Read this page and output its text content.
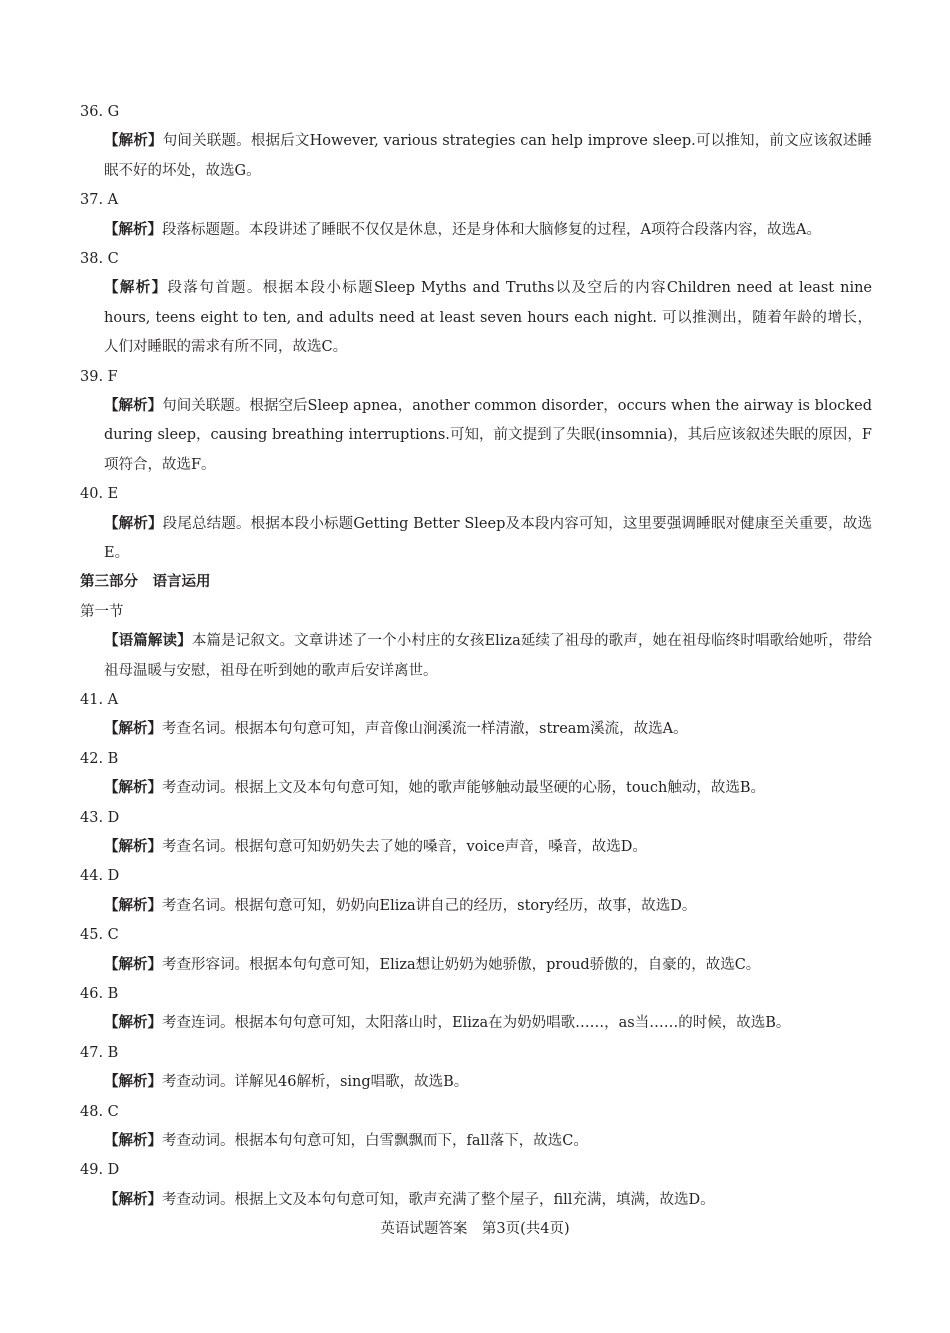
36. G
【解析】句间关联题。根据后文However, various strategies can help improve sleep.可以推知，前文应该叙述睡眠不好的坏处，故选G。
37. A
【解析】段落标题题。本段讲述了睡眠不仅仅是休息，还是身体和大脑修复的过程，A项符合段落内容，故选A。
38. C
【解析】段落句首题。根据本段小标题Sleep Myths and Truths以及空后的内容Children need at least nine hours, teens eight to ten, and adults need at least seven hours each night. 可以推测出，随着年龄的增长，人们对睡眠的需求有所不同，故选C。
39. F
【解析】句间关联题。根据空后Sleep apnea，another common disorder，occurs when the airway is blocked during sleep，causing breathing interruptions.可知，前文提到了失眠(insomnia)，其后应该叙述失眠的原因，F项符合，故选F。
40. E
【解析】段尾总结题。根据本段小标题Getting Better Sleep及本段内容可知，这里要强调睡眠对健康至关重要，故选E。
第三部分　语言运用
第一节
【语篇解读】本篇是记叙文。文章讲述了一个小村庄的女孩Eliza延续了祖母的歌声，她在祖母临终时唱歌给她听，带给祖母温暖与安慰，祖母在听到她的歌声后安详离世。
41. A
【解析】考查名词。根据本句句意可知，声音像山涧溪流一样清澈，stream溪流，故选A。
42. B
【解析】考查动词。根据上文及本句句意可知，她的歌声能够触动最坚硬的心肠，touch触动，故选B。
43. D
【解析】考查名词。根据句意可知奶奶失去了她的嗓音，voice声音，嗓音，故选D。
44. D
【解析】考查名词。根据句意可知，奶奶向Eliza讲自己的经历，story经历，故事，故选D。
45. C
【解析】考查形容词。根据本句句意可知，Eliza想让奶奶为她骄傲，proud骄傲的，自豪的，故选C。
46. B
【解析】考查连词。根据本句句意可知，太阳落山时，Eliza在为奶奶唱歌……，as当……的时候，故选B。
47. B
【解析】考查动词。详解见46解析，sing唱歌，故选B。
48. C
【解析】考查动词。根据本句句意可知，白雪飘飘而下，fall落下，故选C。
49. D
【解析】考查动词。根据上文及本句句意可知，歌声充满了整个屋子，fill充满，填满，故选D。
英语试题答案　第3页(共4页)
